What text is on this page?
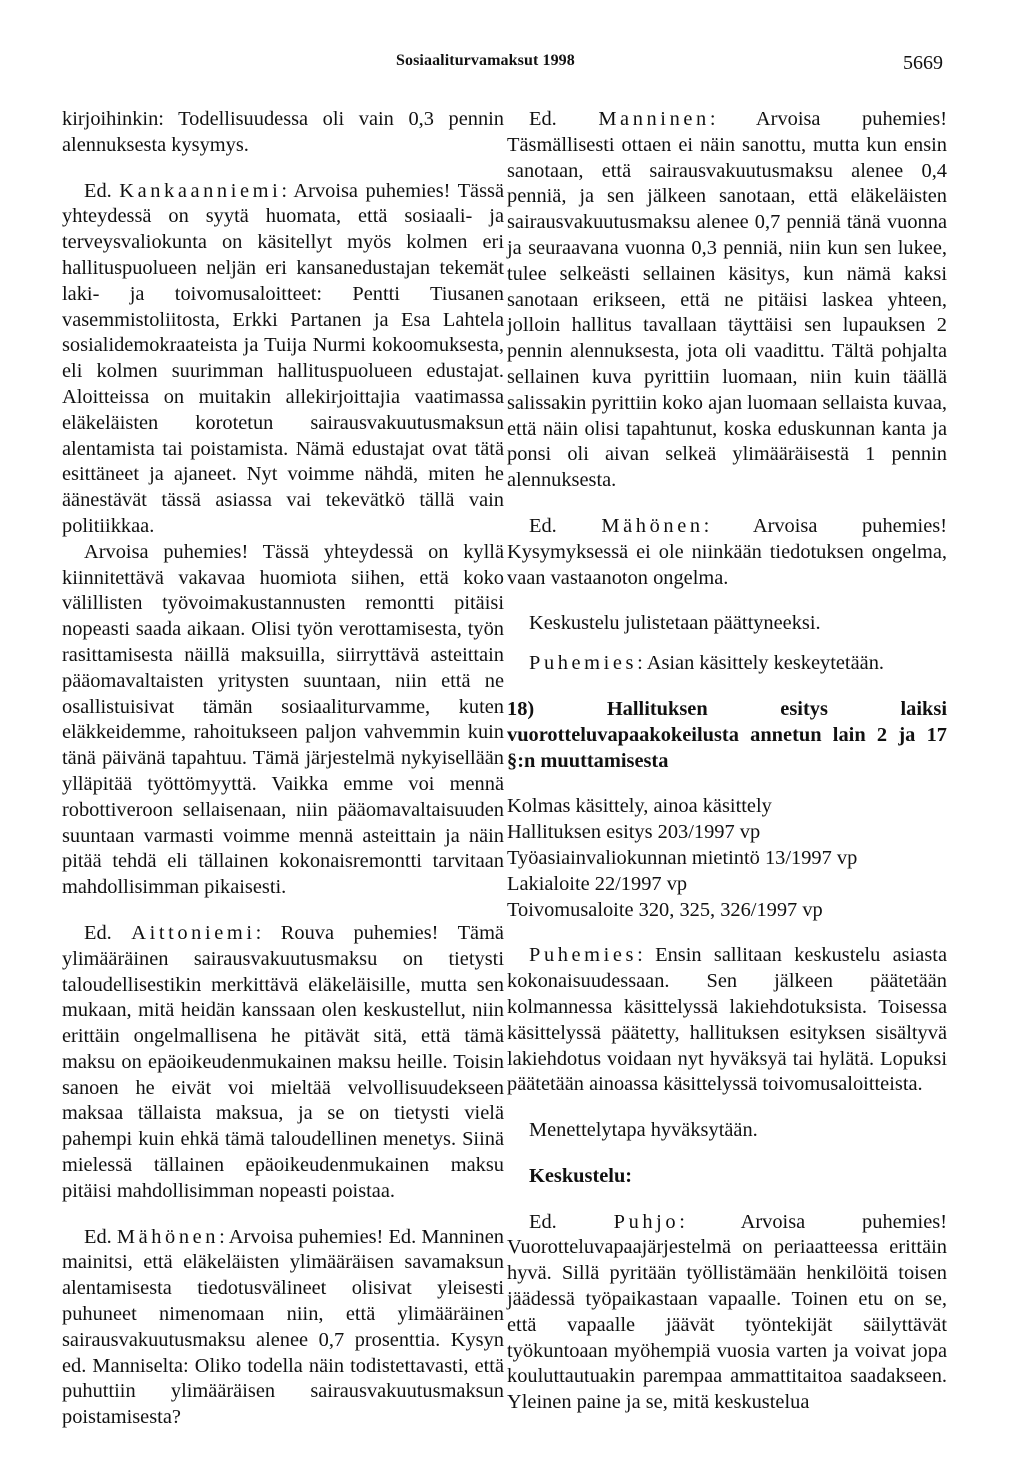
Sosiaaliturvamaksut 1998	5669

kirjoihinkin: Todellisuudessa oli vain 0,3 pennin alennuksesta kysymys.

Ed. Kankaanniemi: Arvoisa puhemies! Tässä yhteydessä on syytä huomata, että sosiaali- ja terveysvaliokunta on käsitellyt myös kolmen eri hallituspuolueen neljän eri kansanedustajan tekemät laki- ja toivomusaloitteet: Pentti Tiusanen vasemmistoliitosta, Erkki Partanen ja Esa Lahtela sosialidemokraateista ja Tuija Nurmi kokoomuksesta, eli kolmen suurimman hallituspuolueen edustajat. Aloitteissa on muitakin allekirjoittajia vaatimassa eläkeläisten korotetun sairausvakuutusmaksun alentamista tai poistamista. Nämä edustajat ovat tätä esittäneet ja ajaneet. Nyt voimme nähdä, miten he äänestävät tässä asiassa vai tekevätkö tällä vain politiikkaa.

Arvoisa puhemies! Tässä yhteydessä on kyllä kiinnitettävä vakavaa huomiota siihen, että koko välillisten työvoimakustannusten remontti pitäisi nopeasti saada aikaan. Olisi työn verottamisesta, työn rasittamisesta näillä maksuilla, siirryttävä asteittain pääomavaltaisten yritysten suuntaan, niin että ne osallistuisivat tämän sosiaaliturvamme, kuten eläkkeidemme, rahoitukseen paljon vahvemmin kuin tänä päivänä tapahtuu. Tämä järjestelmä nykyisellään ylläpitää työttömyyttä. Vaikka emme voi mennä robottiveroon sellaisenaan, niin pääomavaltaisuuden suuntaan varmasti voimme mennä asteittain ja näin pitää tehdä eli tällainen kokonaisremontti tarvitaan mahdollisimman pikaisesti.

Ed. Aittoniemi: Rouva puhemies! Tämä ylimääräinen sairausvakuutusmaksu on tietysti taloudellisestikin merkittävä eläkeläisille, mutta sen mukaan, mitä heidän kanssaan olen keskustellut, niin erittäin ongelmallisena he pitävät sitä, että tämä maksu on epäoikeudenmukainen maksu heille. Toisin sanoen he eivät voi mieltää velvollisuudekseen maksaa tällaista maksua, ja se on tietysti vielä pahempi kuin ehkä tämä taloudellinen menetys. Siinä mielessä tällainen epäoikeudenmukainen maksu pitäisi mahdollisimman nopeasti poistaa.

Ed. Mähönen: Arvoisa puhemies! Ed. Manninen mainitsi, että eläkeläisten ylimääräisen savamaksun alentamisesta tiedotusvälineet olisivat yleisesti puhuneet nimenomaan niin, että ylimääräinen sairausvakuutusmaksu alenee 0,7 prosenttia. Kysyn ed. Manniselta: Oliko todella näin todistettavasti, että puhuttiin ylimääräisen sairausvakuutusmaksun poistamisesta?

Ed. Manninen: Arvoisa puhemies! Täsmällisesti ottaen ei näin sanottu, mutta kun ensin sanotaan, että sairausvakuutusmaksu alenee 0,4 penniä, ja sen jälkeen sanotaan, että eläkeläisten sairausvakuutusmaksu alenee 0,7 penniä tänä vuonna ja seuraavana vuonna 0,3 penniä, niin kun sen lukee, tulee selkeästi sellainen käsitys, kun nämä kaksi sanotaan erikseen, että ne pitäisi laskea yhteen, jolloin hallitus tavallaan täyttäisi sen lupauksen 2 pennin alennuksesta, jota oli vaadittu. Tältä pohjalta sellainen kuva pyrittiin luomaan, niin kuin täällä salissakin pyrittiin koko ajan luomaan sellaista kuvaa, että näin olisi tapahtunut, koska eduskunnan kanta ja ponsi oli aivan selkeä ylimääräisestä 1 pennin alennuksesta.

Ed. Mähönen: Arvoisa puhemies! Kysymyksessä ei ole niinkään tiedotuksen ongelma, vaan vastaanoton ongelma.

Keskustelu julistetaan päättyneeksi.

Puhemies: Asian käsittely keskeytetään.

18) Hallituksen esitys laiksi vuorotteluvapaakokeilusta annetun lain 2 ja 17 §:n muuttamisesta

Kolmas käsittely, ainoa käsittely

Hallituksen esitys 203/1997 vp

Työasiainvaliokunnan mietintö 13/1997 vp

Lakialoite 22/1997 vp

Toivomusaloite 320, 325, 326/1997 vp

Puhemies: Ensin sallitaan keskustelu asiasta kokonaisuudessaan. Sen jälkeen päätetään kolmannessa käsittelyssä lakiehdotuksista. Toisessa käsittelyssä päätetty, hallituksen esityksen sisältyvä lakiehdotus voidaan nyt hyväksyä tai hylätä. Lopuksi päätetään ainoassa käsittelyssä toivomusaloitteista.

Menettelytapa hyväksytään.

Keskustelu:

Ed.	Puhjo: Arvoisa puhemies! Vuorotteluvapaajärjestelmä on periaatteessa erittäin hyvä. Sillä pyritään työllistämään henkilöitä toisen jäädessä työpaikastaan vapaalle. Toinen etu on se, että vapaalle jäävät työntekijät säilyttävät työkuntoaan myöhempiä vuosia varten ja voivat jopa kouluttautuakin parempaa ammattitaitoa saadakseen. Yleinen paine ja se, mitä keskustelua
